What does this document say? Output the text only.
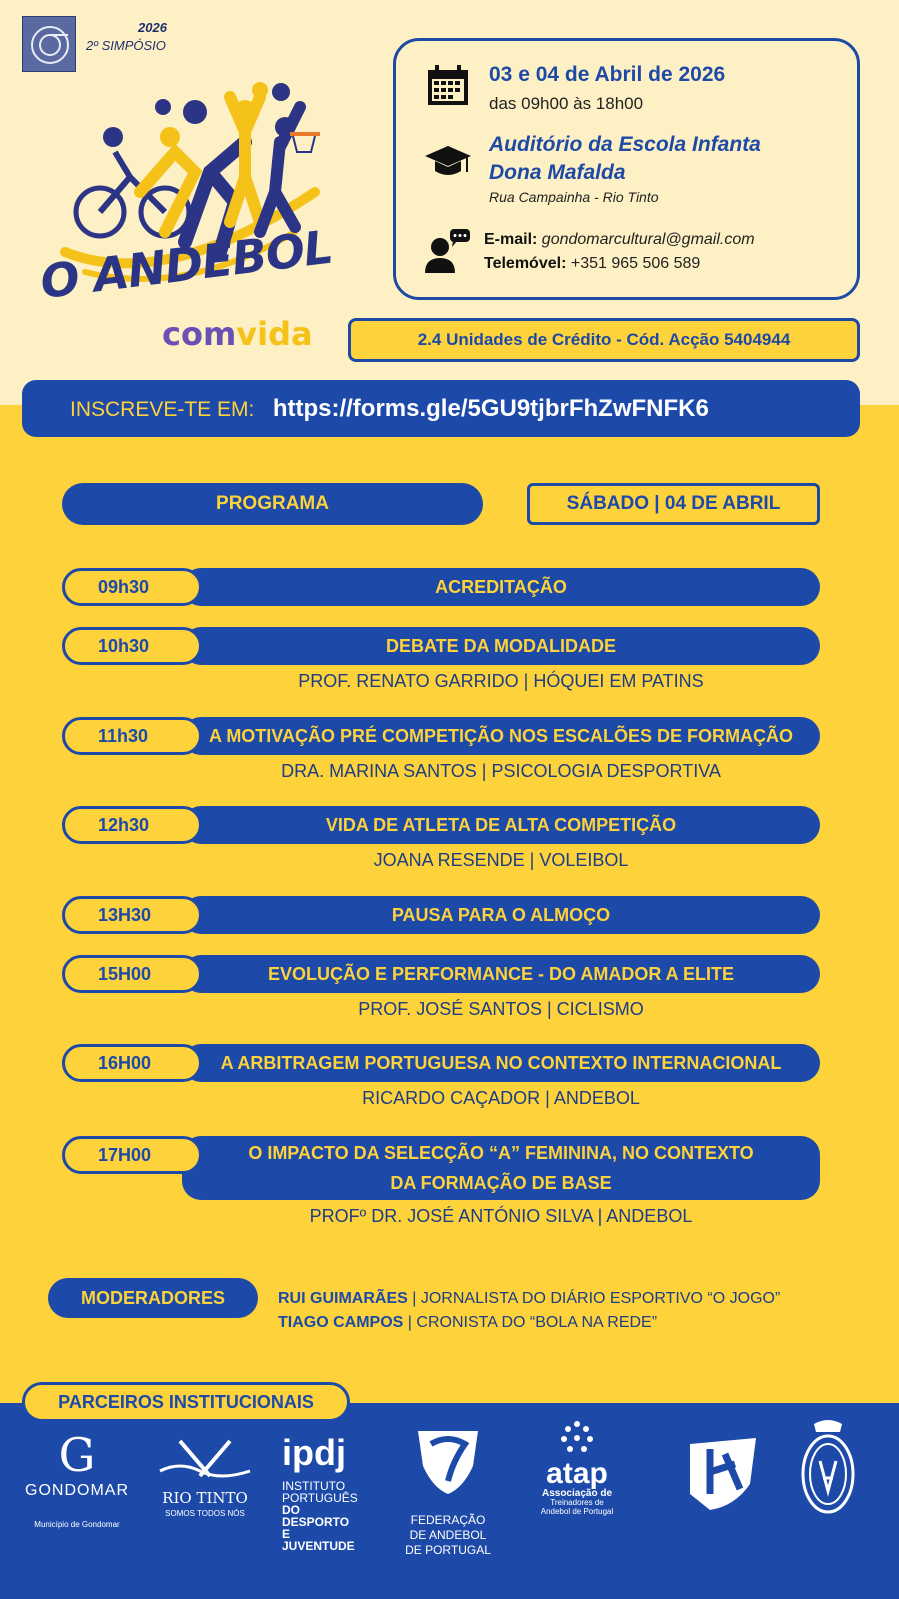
2026
2º SIMPÓSIO
O ANDEBOL
comvida
03 e 04 de Abril de 2026
das 09h00 às 18h00
Auditório da Escola Infanta
Dona Mafalda
Rua Campainha - Rio Tinto
E-mail: gondomarcultural@gmail.com
Telemóvel: +351 965 506 589
2.4 Unidades de Crédito - Cód. Acção 5404944
INSCREVE-TE EM: https://forms.gle/5GU9tjbrFhZwFNFK6
PROGRAMA	SÁBADO | 04 DE ABRIL
ACREDITAÇÃO
09h30
DEBATE DA MODALIDADE
10h30
PROF. RENATO GARRIDO | HÓQUEI EM PATINS
A MOTIVAÇÃO PRÉ COMPETIÇÃO NOS ESCALÕES DE FORMAÇÃO
11h30
DRA. MARINA SANTOS | PSICOLOGIA DESPORTIVA
VIDA DE ATLETA DE ALTA COMPETIÇÃO
12h30
JOANA RESENDE | VOLEIBOL
PAUSA PARA O ALMOÇO
13H30
EVOLUÇÃO E PERFORMANCE - DO AMADOR A ELITE
15H00
PROF. JOSÉ SANTOS | CICLISMO
A ARBITRAGEM PORTUGUESA NO CONTEXTO INTERNACIONAL
16H00
RICARDO CAÇADOR | ANDEBOL
O IMPACTO DA SELECÇÃO “A” FEMININA, NO CONTEXTO
DA FORMAÇÃO DE BASE
17H00
PROFº DR. JOSÉ ANTÓNIO SILVA | ANDEBOL
MODERADORES	RUI GUIMARÃES | JORNALISTA DO DIÁRIO ESPORTIVO “O JOGO”
TIAGO CAMPOS | CRONISTA DO “BOLA NA REDE”
PARCEIROS INSTITUCIONAIS
G
GONDOMAR
Município de Gondomar
RIO TINTO
SOMOS TODOS NÓS
ipdj
INSTITUTO
PORTUGUÊS
DO DESPORTO
E JUVENTUDE
FEDERAÇÃO
DE ANDEBOL
DE PORTUGAL
atap
Associação de
Treinadores de
Andebol de Portugal
